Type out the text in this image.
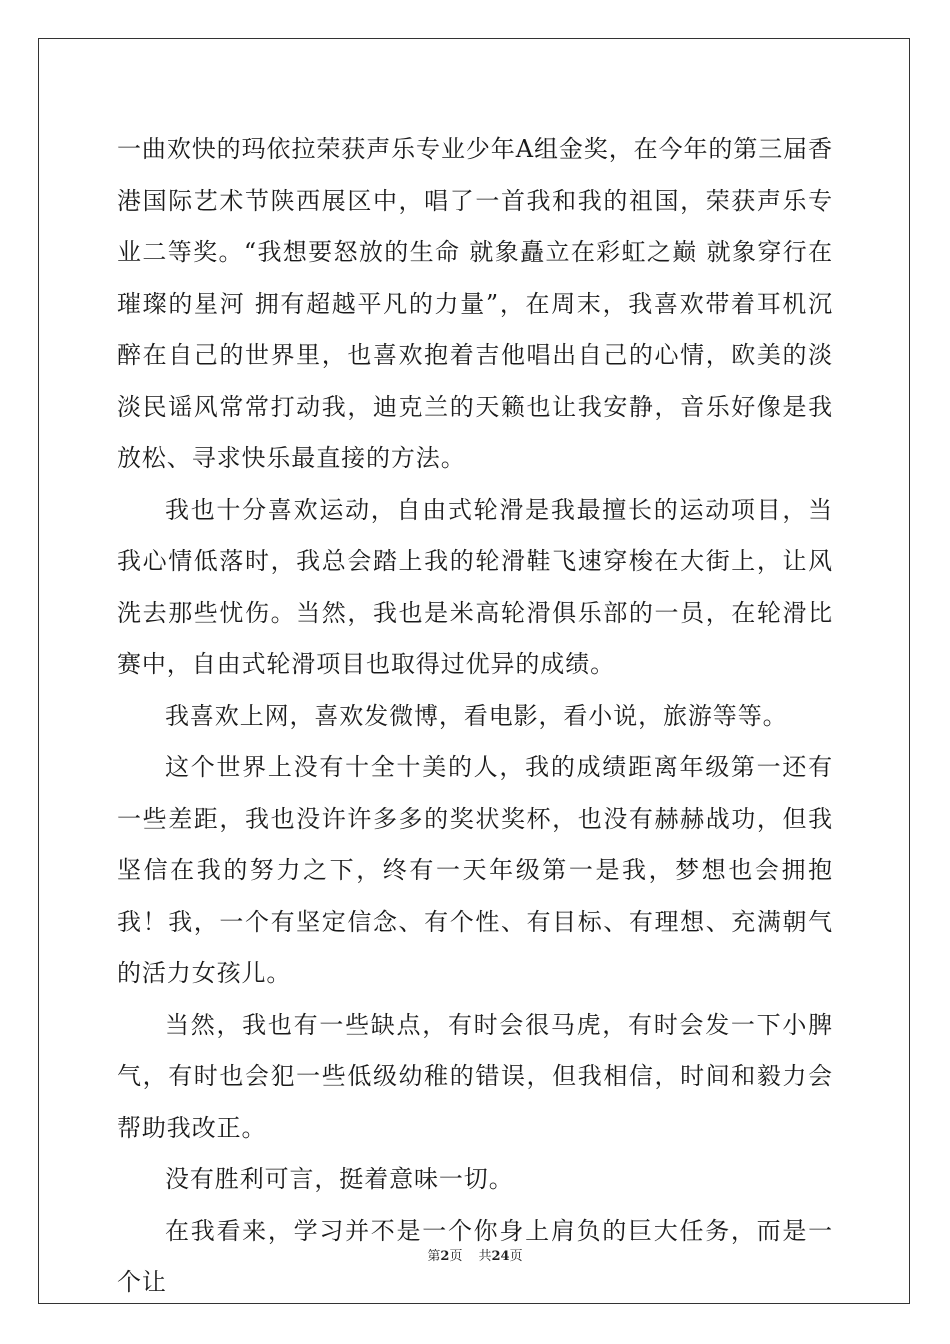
一曲欢快的玛依拉荣获声乐专业少年A组金奖，在今年的第三届香港国际艺术节陕西展区中，唱了一首我和我的祖国，荣获声乐专业二等奖。“我想要怒放的生命 就象矗立在彩虹之巅 就象穿行在璀璨的星河 拥有超越平凡的力量”，在周末，我喜欢带着耳机沉醉在自己的世界里，也喜欢抱着吉他唱出自己的心情，欧美的淡淡民谣风常常打动我，迪克兰的天籁也让我安静，音乐好像是我放松、寻求快乐最直接的方法。

我也十分喜欢运动，自由式轮滑是我最擅长的运动项目，当我心情低落时，我总会踏上我的轮滑鞋飞速穿梭在大街上，让风洗去那些忧伤。当然，我也是米高轮滑俱乐部的一员，在轮滑比赛中，自由式轮滑项目也取得过优异的成绩。

我喜欢上网，喜欢发微博，看电影，看小说，旅游等等。

这个世界上没有十全十美的人，我的成绩距离年级第一还有一些差距，我也没许许多多的奖状奖杯，也没有赫赫战功，但我坚信在我的努力之下，终有一天年级第一是我，梦想也会拥抱我！我，一个有坚定信念、有个性、有目标、有理想、充满朝气的活力女孩儿。

当然，我也有一些缺点，有时会很马虎，有时会发一下小脾气，有时也会犯一些低级幼稚的错误，但我相信，时间和毅力会帮助我改正。

没有胜利可言，挺着意味一切。

在我看来，学习并不是一个你身上肩负的巨大任务，而是一个让

第2页 共24页
